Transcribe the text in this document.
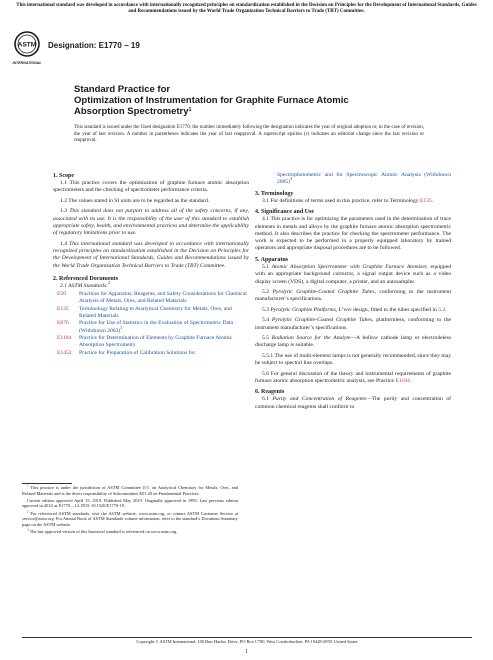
This international standard was developed in accordance with internationally recognized principles on standardization established in the Decision on Principles for the Development of International Standards, Guides and Recommendations issued by the World Trade Organization Technical Barriers to Trade (TBT) Committee.
ASTM
INTERNATIONAL
Designation: E1770 − 19
Standard Practice for
Optimization of Instrumentation for Graphite Furnace Atomic Absorption Spectrometry$^1$
This standard is issued under the fixed designation E1770; the number immediately following the designation indicates the year of original adoption or, in the case of revision, the year of last revision. A number in parentheses indicates the year of last reapproval. A superscript epsilon (ε) indicates an editorial change since the last revision or reapproval.

1. Scope

1.1 This practice covers the optimization of graphite furnace atomic absorption spectrometers and the checking of spectrometer performance criteria.

1.2 The values stated in SI units are to be regarded as the standard.

1.3 This standard does not purport to address all of the safety concerns, if any, associated with its use. It is the responsibility of the user of this standard to establish appropriate safety, health, and environmental practices and determine the applicability of regulatory limitations prior to use.

1.4 This international standard was developed in accordance with internationally recognized principles on standardization established in the Decision on Principles for the Development of International Standards, Guides and Recommendations issued by the World Trade Organization Technical Barriers to Trade (TBT) Committee.

2. Referenced Documents

2.1 ASTM Standards:$^2$

E50	Practices for Apparatus, Reagents, and Safety Considerations for Chemical Analysis of Metals, Ores, and Related Materials
E135	Terminology Relating to Analytical Chemistry for Metals, Ores, and Related Materials
E876	Practice for Use of Statistics in the Evaluation of Spectrometric Data (Withdrawn 2003)$^3$
E1184	Practice for Determination of Elements by Graphite Furnace Atomic Absorption Spectrometry
E1452	Practice for Preparation of Calibration Solutions for

Spectrophotometric and for Spectroscopic Atomic Analysis (Withdrawn 2005)$^3$

3. Terminology

3.1 For definitions of terms used in this practice, refer to Terminology E135.

4. Significance and Use

4.1 This practice is for optimizing the parameters used in the determination of trace elements in metals and alloys by the graphite furnace atomic absorption spectrometric method. It also describes the practice for checking the spectrometer performance. The work is expected to be performed in a properly equipped laboratory by trained operators and appropriate disposal procedures are to be followed.

5. Apparatus

5.1 Atomic Absorption Spectrometer with Graphite Furnace Atomizer, equipped with an appropriate background corrector, a signal output device such as a video display screen (VDS), a digital computer, a printer, and an autosampler.

5.2 Pyrolytic Graphite-Coated Graphite Tubes, conforming to the instrument manufacturer’s specifications.

5.3 Pyrolytic Graphite Platforms, L’vov design, fitted to the tubes specified in 5.2.

5.4 Pyrolytic Graphite-Coated Graphite Tubes, platformless, conforming to the instrument manufacturer’s specifications.

5.5 Radiation Source for the Analyte—A hollow cathode lamp or electrodeless discharge lamp is suitable.

5.5.1 The use of multi-element lamps is not generally recommended, since they may be subject to spectral line overlaps.

5.6 For general discussion of the theory and instrumental requirements of graphite furnace atomic absorption spectrometric analysis, see Practice E1184.

6. Reagents

6.1 Purity and Concentration of Reagents—The purity and concentration of common chemical reagents shall conform to

$^1$ This practice is under the jurisdiction of ASTM Committee E01 on Analytical Chemistry for Metals, Ores, and Related Materials and is the direct responsibility of Subcommittee E01.20 on Fundamental Practices.

Current edition approved April 15, 2019. Published May 2019. Originally approved in 1995. Last previous edition approved in 2014 as E1770 – 14. DOI: 10.1520/E1770-19.

$^2$ For referenced ASTM standards, visit the ASTM website, www.astm.org, or contact ASTM Customer Service at service@astm.org. For Annual Book of ASTM Standards volume information, refer to the standard’s Document Summary page on the ASTM website.

$^3$ The last approved version of this historical standard is referenced on www.astm.org.

Copyright © ASTM International, 100 Barr Harbor Drive, PO Box C700, West Conshohocken, PA 19428-2959. United States
1
